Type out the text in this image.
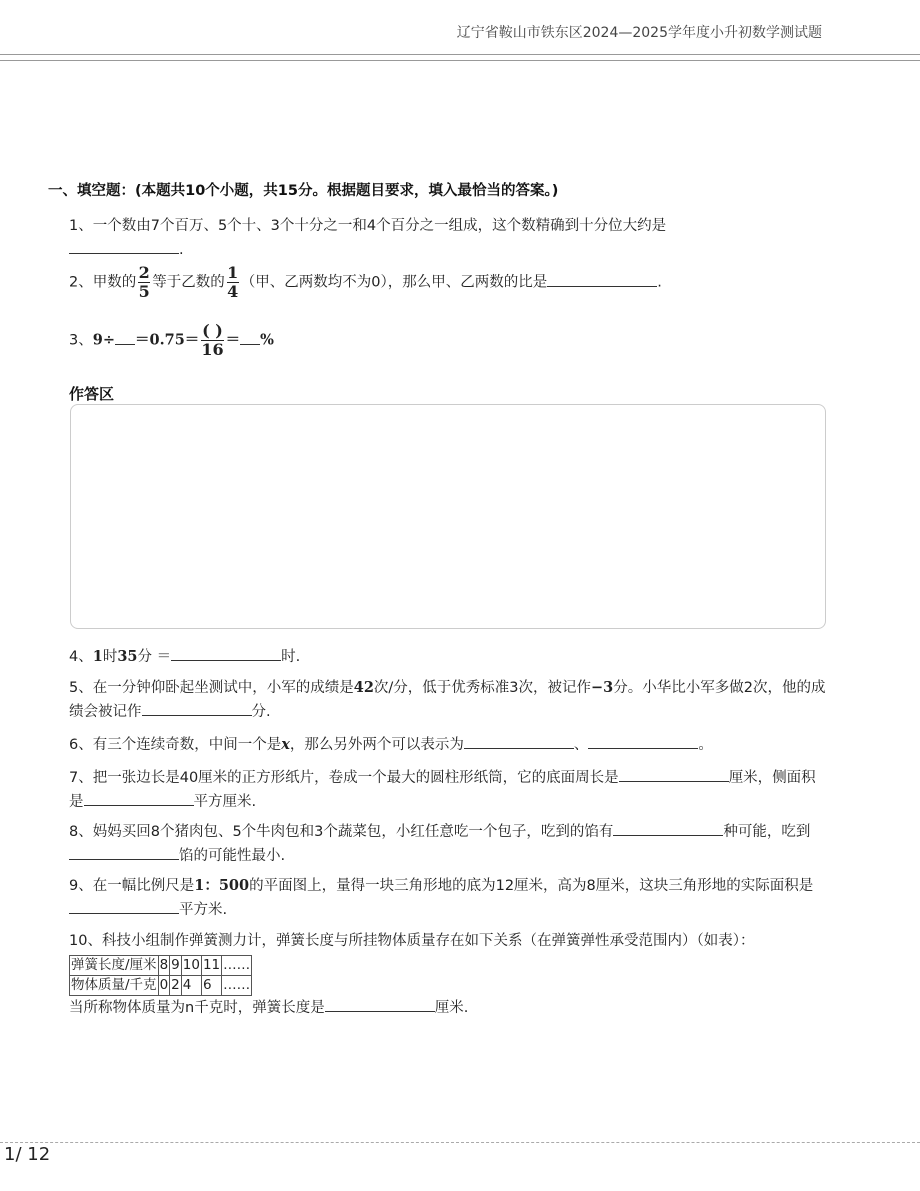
辽宁省鞍山市铁东区2024—2025学年度小升初数学测试题
一、填空题：(本题共10个小题，共15分。根据题目要求，填入最恰当的答案。)
1、一个数由7个百万、5个十、3个十分之一和4个百分之一组成，这个数精确到十分位大约是
.
2、甲数的 $\frac{2}{5}$ 等于乙数的 $\frac{1}{4}$ （甲、乙两数均不为0），那么甲、乙两数的比是	.
3、$9\div =0.75= \frac{( )}{16}$ ＝ %
作答区
4、1时35分 ＝	时.
5、在一分钟仰卧起坐测试中，小军的成绩是42次/分，低于优秀标准3次，被记作−3分。小华比小军多做2次，他的成绩会被记作	分.
6、有三个连续奇数，中间一个是x，那么另外两个可以表示为	、	。
7、把一张边长是40厘米的正方形纸片，卷成一个最大的圆柱形纸筒，它的底面周长是	厘米，侧面积是	平方厘米.
8、妈妈买回8个猪肉包、5个牛肉包和3个蔬菜包，小红任意吃一个包子，吃到的馅有	种可能，吃到馅的可能性最小.
9、在一幅比例尺是1：500的平面图上，量得一块三角形地的底为12厘米，高为8厘米，这块三角形地的实际面积是平方米.
10、科技小组制作弹簧测力计，弹簧长度与所挂物体质量存在如下关系（在弹簧弹性承受范围内）（如表）：
弹簧长度/厘米	8	9	10	11	……
物体质量/千克	0	2	4	6	……
当所称物体质量为n千克时，弹簧长度是	厘米.
1/ 12
